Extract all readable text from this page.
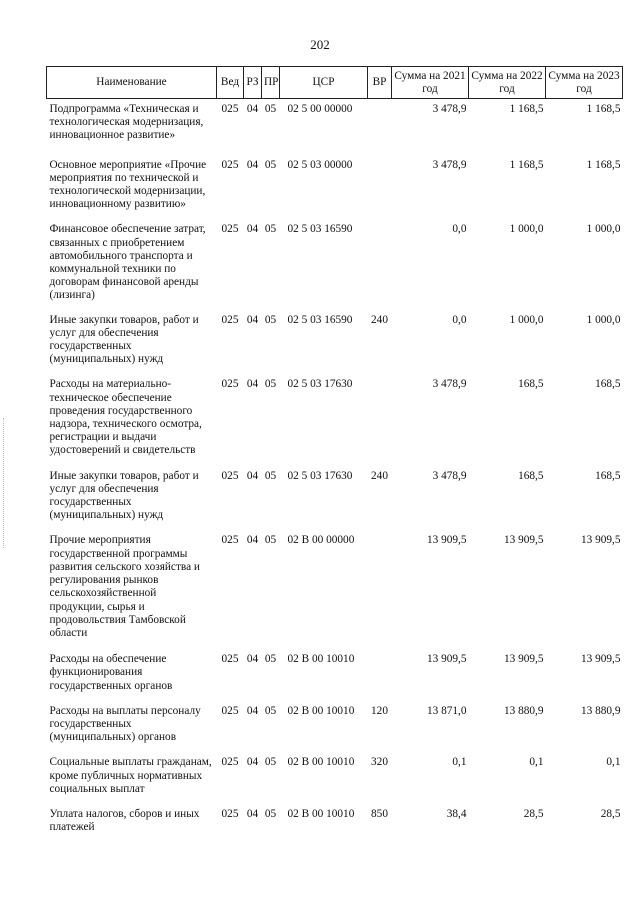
202
Наименование	Вед	РЗ	ПР	ЦСР	ВР	Сумма на 2021 год	Сумма на 2022 год	Сумма на 2023 год
Подпрограмма «Техническая и технологическая модернизация, инновационное развитие»	025	04	05	02 5 00 00000		3 478,9	1 168,5	1 168,5
Основное мероприятие «Прочие мероприятия по технической и технологической модернизации, инновационному развитию»	025	04	05	02 5 03 00000		3 478,9	1 168,5	1 168,5
Финансовое обеспечение затрат, связанных с приобретением автомобильного транспорта и коммунальной техники по договорам финансовой аренды (лизинга)	025	04	05	02 5 03 16590		0,0	1 000,0	1 000,0
Иные закупки товаров, работ и услуг для обеспечения государственных (муниципальных) нужд	025	04	05	02 5 03 16590	240	0,0	1 000,0	1 000,0
Расходы на материально-техническое обеспечение проведения государственного надзора, технического осмотра, регистрации и выдачи удостоверений и свидетельств	025	04	05	02 5 03 17630		3 478,9	168,5	168,5
Иные закупки товаров, работ и услуг для обеспечения государственных (муниципальных) нужд	025	04	05	02 5 03 17630	240	3 478,9	168,5	168,5
Прочие мероприятия государственной программы развития сельского хозяйства и регулирования рынков сельскохозяйственной продукции, сырья и продовольствия Тамбовской области	025	04	05	02 В 00 00000		13 909,5	13 909,5	13 909,5
Расходы на обеспечение функционирования государственных органов	025	04	05	02 В 00 10010		13 909,5	13 909,5	13 909,5
Расходы на выплаты персоналу государственных (муниципальных) органов	025	04	05	02 В 00 10010	120	13 871,0	13 880,9	13 880,9
Социальные выплаты гражданам, кроме публичных нормативных социальных выплат	025	04	05	02 В 00 10010	320	0,1	0,1	0,1
Уплата налогов, сборов и иных платежей	025	04	05	02 В 00 10010	850	38,4	28,5	28,5
